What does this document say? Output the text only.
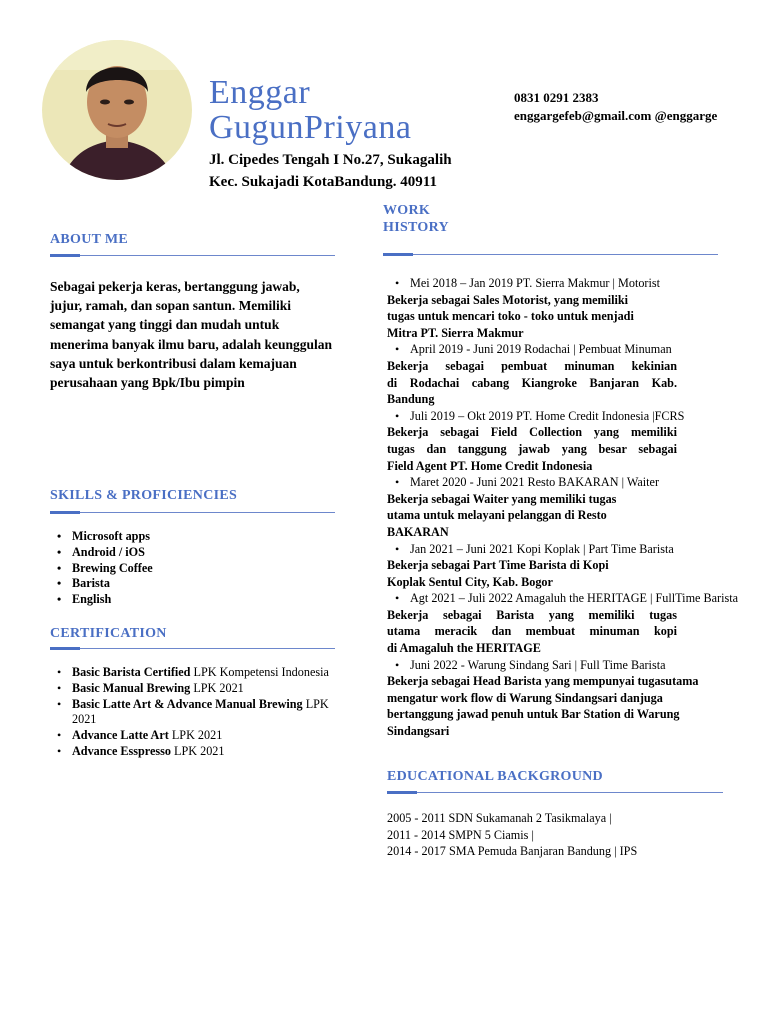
Enggar
GugunPriyana
Jl. Cipedes Tengah I No.27, Sukagalih
Kec. Sukajadi KotaBandung. 40911
0831 0291 2383
enggargefeb@gmail.com @enggarge
ABOUT ME
Sebagai pekerja keras, bertanggung jawab, jujur, ramah, dan sopan santun. Memiliki semangat yang tinggi dan mudah untuk menerima banyak ilmu baru, adalah keunggulan saya untuk berkontribusi dalam kemajuan perusahaan yang Bpk/Ibu pimpin
SKILLS & PROFICIENCIES
• Microsoft apps
• Android / iOS
• Brewing Coffee
• Barista
• English
CERTIFICATION
• Basic Barista Certified LPK Kompetensi Indonesia
• Basic Manual Brewing LPK 2021
• Basic Latte Art & Advance Manual Brewing LPK 2021
• Advance Latte Art LPK 2021
• Advance Esspresso LPK 2021
WORK
HISTORY
• Mei 2018 – Jan 2019 PT. Sierra Makmur | Motorist
Bekerja sebagai Sales Motorist, yang memiliki
tugas untuk mencari toko - toko untuk menjadi
Mitra PT. Sierra Makmur
• April 2019 - Juni 2019 Rodachai | Pembuat Minuman
Bekerja sebagai pembuat minuman kekinian
di Rodachai cabang Kiangroke Banjaran Kab.
Bandung
• Juli 2019 – Okt 2019 PT. Home Credit Indonesia |FCRS
Bekerja sebagai Field Collection yang memiliki
tugas dan tanggung jawab yang besar sebagai
Field Agent PT. Home Credit Indonesia
• Maret 2020 - Juni 2021 Resto BAKARAN | Waiter
Bekerja sebagai Waiter yang memiliki tugas
utama untuk melayani pelanggan di Resto
BAKARAN
• Jan 2021 – Juni 2021 Kopi Koplak | Part Time Barista
Bekerja sebagai Part Time Barista di Kopi
Koplak Sentul City, Kab. Bogor
• Agt 2021 – Juli 2022 Amagaluh the HERITAGE | FullTime Barista
Bekerja sebagai Barista yang memiliki tugas
utama meracik dan membuat minuman kopi
di Amagaluh the HERITAGE
• Juni 2022 - Warung Sindang Sari | Full Time Barista
Bekerja sebagai Head Barista yang mempunyai tugasutama
mengatur work flow di Warung Sindangsari danjuga
bertanggung jawad penuh untuk Bar Station di Warung
Sindangsari
EDUCATIONAL BACKGROUND
2005 - 2011 SDN Sukamanah 2 Tasikmalaya |
2011 - 2014 SMPN 5 Ciamis |
2014 - 2017 SMA Pemuda Banjaran Bandung | IPS
